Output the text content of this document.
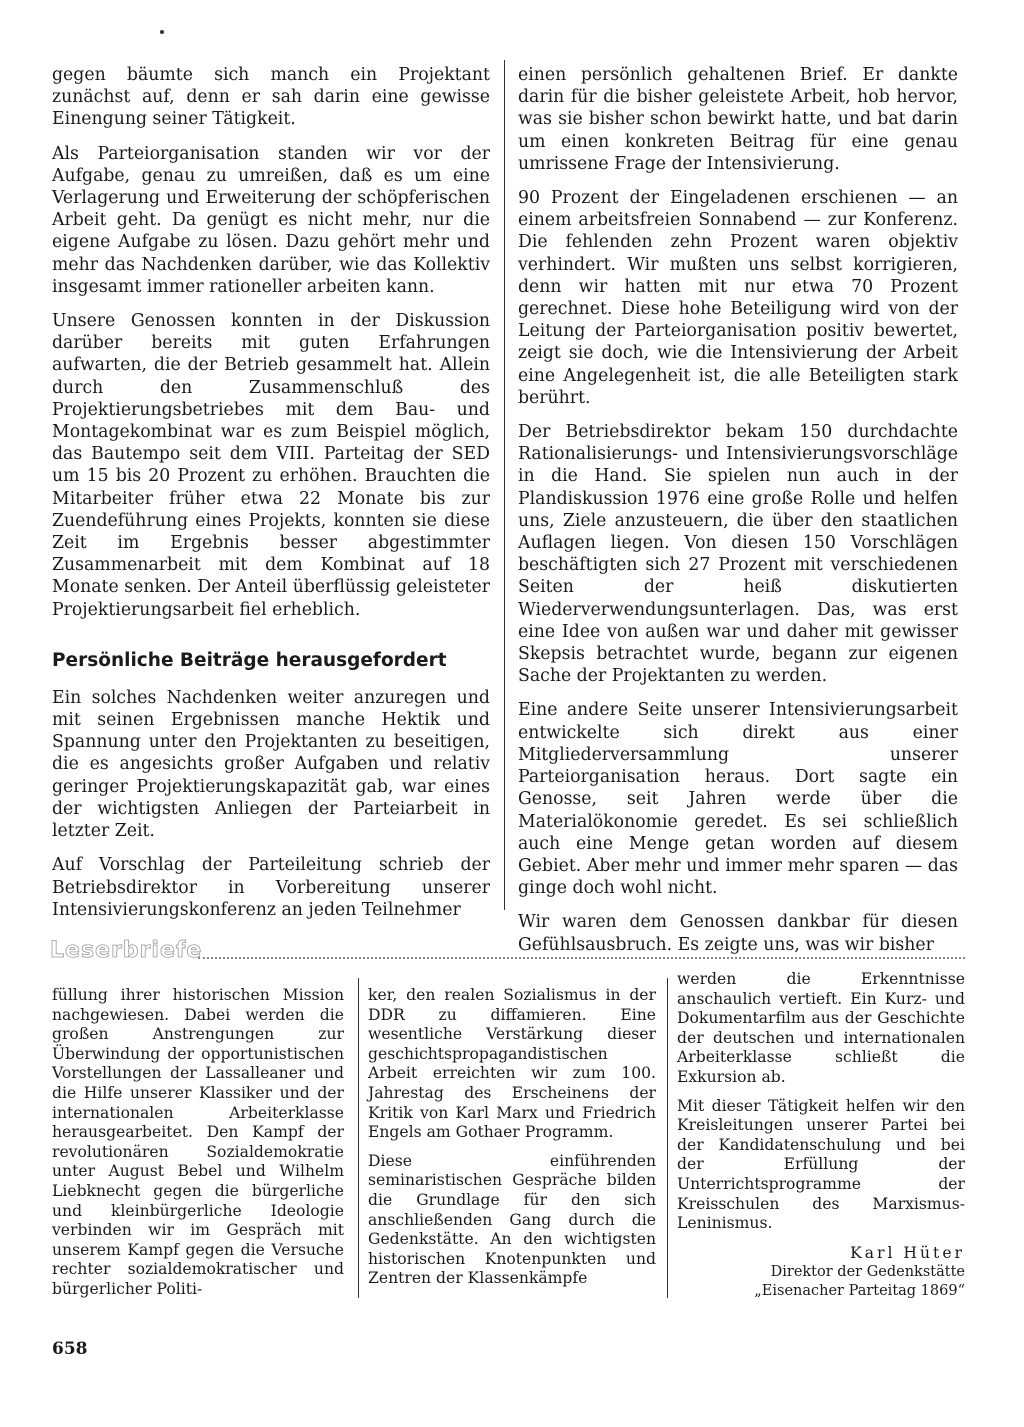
gegen bäumte sich manch ein Projektant zunächst auf, denn er sah darin eine gewisse Einengung seiner Tätigkeit.

Als Parteiorganisation standen wir vor der Aufgabe, genau zu umreißen, daß es um eine Verlagerung und Erweiterung der schöpferischen Arbeit geht. Da genügt es nicht mehr, nur die eigene Aufgabe zu lösen. Dazu gehört mehr und mehr das Nachdenken darüber, wie das Kollektiv insgesamt immer rationeller arbeiten kann.

Unsere Genossen konnten in der Diskussion darüber bereits mit guten Erfahrungen aufwarten, die der Betrieb gesammelt hat. Allein durch den Zusammenschluß des Projektierungsbetriebes mit dem Bau- und Montagekombinat war es zum Beispiel möglich, das Bautempo seit dem VIII. Parteitag der SED um 15 bis 20 Prozent zu erhöhen. Brauchten die Mitarbeiter früher etwa 22 Monate bis zur Zuendeführung eines Projekts, konnten sie diese Zeit im Ergebnis besser abgestimmter Zusammenarbeit mit dem Kombinat auf 18 Monate senken. Der Anteil überflüssig geleisteter Projektierungsarbeit fiel erheblich.

Persönliche Beiträge herausgefordert

Ein solches Nachdenken weiter anzuregen und mit seinen Ergebnissen manche Hektik und Spannung unter den Projektanten zu beseitigen, die es angesichts großer Aufgaben und relativ geringer Projektierungskapazität gab, war eines der wichtigsten Anliegen der Parteiarbeit in letzter Zeit.

Auf Vorschlag der Parteileitung schrieb der Betriebsdirektor in Vorbereitung unserer Intensivierungskonferenz an jeden Teilnehmer

einen persönlich gehaltenen Brief. Er dankte darin für die bisher geleistete Arbeit, hob hervor, was sie bisher schon bewirkt hatte, und bat darin um einen konkreten Beitrag für eine genau umrissene Frage der Intensivierung.

90 Prozent der Eingeladenen erschienen — an einem arbeitsfreien Sonnabend — zur Konferenz. Die fehlenden zehn Prozent waren objektiv verhindert. Wir mußten uns selbst korrigieren, denn wir hatten mit nur etwa 70 Prozent gerechnet. Diese hohe Beteiligung wird von der Leitung der Parteiorganisation positiv bewertet, zeigt sie doch, wie die Intensivierung der Arbeit eine Angelegenheit ist, die alle Beteiligten stark berührt.

Der Betriebsdirektor bekam 150 durchdachte Rationalisierungs- und Intensivierungsvorschläge in die Hand. Sie spielen nun auch in der Plandiskussion 1976 eine große Rolle und helfen uns, Ziele anzusteuern, die über den staatlichen Auflagen liegen. Von diesen 150 Vorschlägen beschäftigten sich 27 Prozent mit verschiedenen Seiten der heiß diskutierten Wiederverwendungsunterlagen. Das, was erst eine Idee von außen war und daher mit gewisser Skepsis betrachtet wurde, begann zur eigenen Sache der Projektanten zu werden.

Eine andere Seite unserer Intensivierungsarbeit entwickelte sich direkt aus einer Mitgliederversammlung unserer Parteiorganisation heraus. Dort sagte ein Genosse, seit Jahren werde über die Materialökonomie geredet. Es sei schließlich auch eine Menge getan worden auf diesem Gebiet. Aber mehr und immer mehr sparen — das ginge doch wohl nicht.

Wir waren dem Genossen dankbar für diesen Gefühlsausbruch. Es zeigte uns, was wir bisher

Leserbriefe

füllung ihrer historischen Mission nachgewiesen. Dabei werden die großen Anstrengungen zur Überwindung der opportunistischen Vorstellungen der Lassalleaner und die Hilfe unserer Klassiker und der internationalen Arbeiterklasse herausgearbeitet. Den Kampf der revolutionären Sozialdemokratie unter August Bebel und Wilhelm Liebknecht gegen die bürgerliche und kleinbürgerliche Ideologie verbinden wir im Gespräch mit unserem Kampf gegen die Versuche rechter sozialdemokratischer und bürgerlicher Politi-

ker, den realen Sozialismus in der DDR zu diffamieren. Eine wesentliche Verstärkung dieser geschichtspropagandistischen Arbeit erreichten wir zum 100. Jahrestag des Erscheinens der Kritik von Karl Marx und Friedrich Engels am Gothaer Programm.

Diese einführenden seminaristischen Gespräche bilden die Grundlage für den sich anschließenden Gang durch die Gedenkstätte. An den wichtigsten historischen Knotenpunkten und Zentren der Klassenkämpfe

werden die Erkenntnisse anschaulich vertieft. Ein Kurz- und Dokumentarfilm aus der Geschichte der deutschen und internationalen Arbeiterklasse schließt die Exkursion ab.

Mit dieser Tätigkeit helfen wir den Kreisleitungen unserer Partei bei der Kandidatenschulung und bei der Erfüllung der Unterrichtsprogramme der Kreisschulen des Marxismus-Leninismus.

Karl Hüter
Direktor der Gedenkstätte
„Eisenacher Parteitag 1869“
658
